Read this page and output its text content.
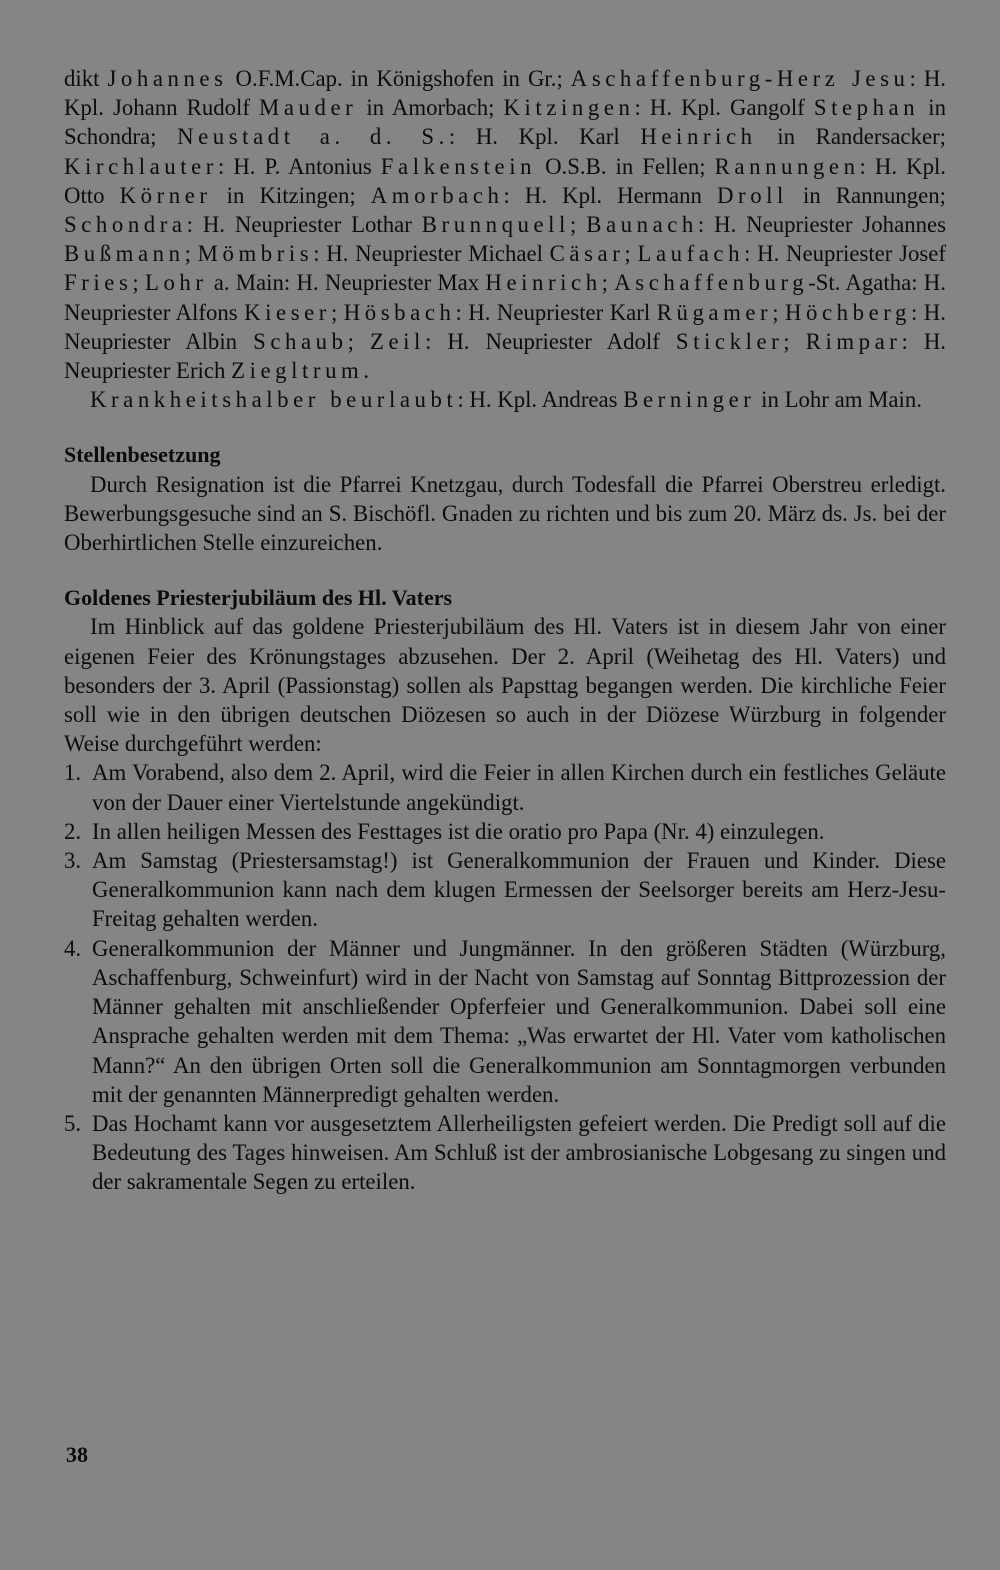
dikt Johannes O.F.M.Cap. in Königshofen in Gr.; Aschaffenburg-Herz Jesu: H. Kpl. Johann Rudolf Mauder in Amorbach; Kitzingen: H. Kpl. Gangolf Stephan in Schondra; Neustadt a. d. S.: H. Kpl. Karl Heinrich in Randersacker; Kirchlauter: H. P. Antonius Falkenstein O.S.B. in Fellen; Rannungen: H. Kpl. Otto Körner in Kitzingen; Amorbach: H. Kpl. Hermann Droll in Rannungen; Schondra: H. Neupriester Lothar Brunnquell; Baunach: H. Neupriester Johannes Bußmann; Mömbris: H. Neupriester Michael Cäsar; Laufach: H. Neupriester Josef Fries; Lohr a. Main: H. Neupriester Max Heinrich; Aschaffenburg-St. Agatha: H. Neupriester Alfons Kieser; Hösbach: H. Neupriester Karl Rügamer; Höchberg: H. Neupriester Albin Schaub; Zeil: H. Neupriester Adolf Stickler; Rimpar: H. Neupriester Erich Ziegltrum.

Krankheitshalber beurlaubt: H. Kpl. Andreas Berninger in Lohr am Main.

Stellenbesetzung

Durch Resignation ist die Pfarrei Knetzgau, durch Todesfall die Pfarrei Oberstreu erledigt. Bewerbungsgesuche sind an S. Bischöfl. Gnaden zu richten und bis zum 20. März ds. Js. bei der Oberhirtlichen Stelle einzureichen.

Goldenes Priesterjubiläum des Hl. Vaters

Im Hinblick auf das goldene Priesterjubiläum des Hl. Vaters ist in diesem Jahr von einer eigenen Feier des Krönungstages abzusehen. Der 2. April (Weihetag des Hl. Vaters) und besonders der 3. April (Passionstag) sollen als Papsttag begangen werden. Die kirchliche Feier soll wie in den übrigen deutschen Diözesen so auch in der Diözese Würzburg in folgender Weise durchgeführt werden:

1. Am Vorabend, also dem 2. April, wird die Feier in allen Kirchen durch ein festliches Geläute von der Dauer einer Viertelstunde angekündigt.
2. In allen heiligen Messen des Festtages ist die oratio pro Papa (Nr. 4) einzulegen.
3. Am Samstag (Priestersamstag!) ist Generalkommunion der Frauen und Kinder. Diese Generalkommunion kann nach dem klugen Ermessen der Seelsorger bereits am Herz-Jesu-Freitag gehalten werden.
4. Generalkommunion der Männer und Jungmänner. In den größeren Städten (Würzburg, Aschaffenburg, Schweinfurt) wird in der Nacht von Samstag auf Sonntag Bittprozession der Männer gehalten mit anschließender Opferfeier und Generalkommunion. Dabei soll eine Ansprache gehalten werden mit dem Thema: „Was erwartet der Hl. Vater vom katholischen Mann?“ An den übrigen Orten soll die Generalkommunion am Sonntagmorgen verbunden mit der genannten Männerpredigt gehalten werden.
5. Das Hochamt kann vor ausgesetztem Allerheiligsten gefeiert werden. Die Predigt soll auf die Bedeutung des Tages hinweisen. Am Schluß ist der ambrosianische Lobgesang zu singen und der sakramentale Segen zu erteilen.
38
